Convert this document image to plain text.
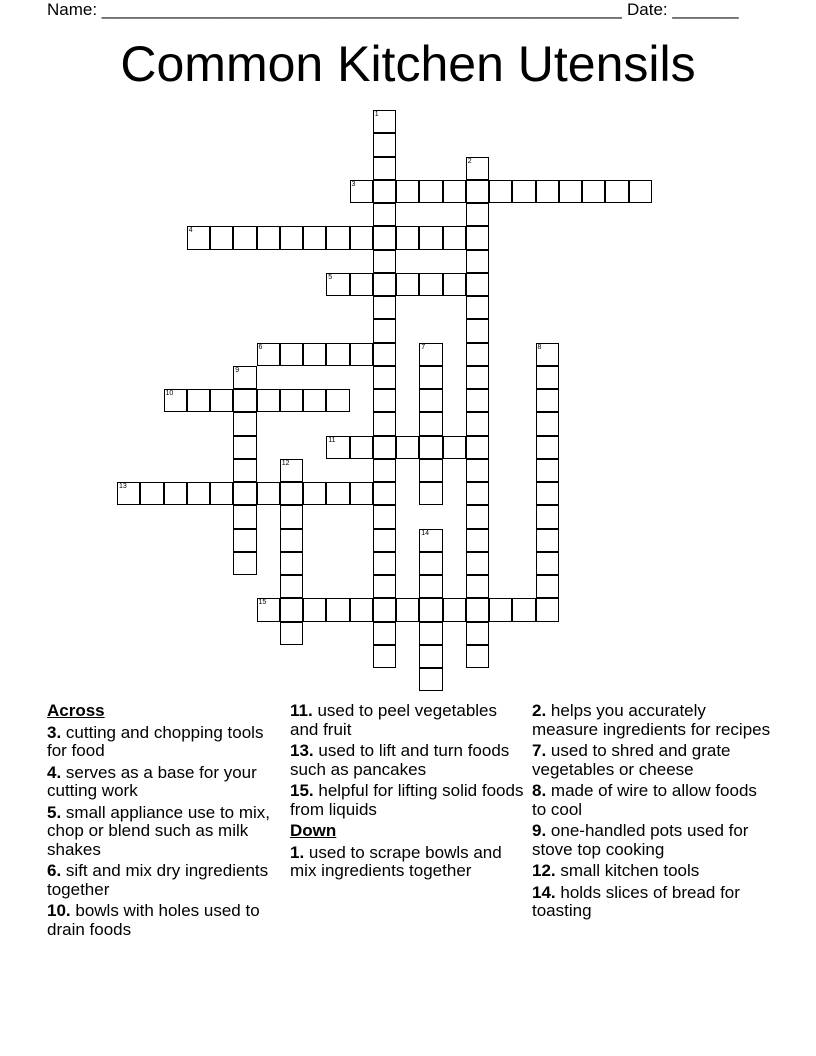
Name: _______________________________________________________ Date: _______
Common Kitchen Utensils
1
2
3
4
5
6	7	8
9
10
11
12
13
14
15
Across
3. cutting and chopping tools for food
4. serves as a base for your cutting work
5. small appliance use to mix, chop or blend such as milk shakes
6. sift and mix dry ingredients together
10. bowls with holes used to drain foods
11. used to peel vegetables and fruit
13. used to lift and turn foods such as pancakes
15. helpful for lifting solid foods from liquids
Down
1. used to scrape bowls and mix ingredients together
2. helps you accurately measure ingredients for recipes
7. used to shred and grate vegetables or cheese
8. made of wire to allow foods to cool
9. one-handled pots used for stove top cooking
12. small kitchen tools
14. holds slices of bread for toasting
